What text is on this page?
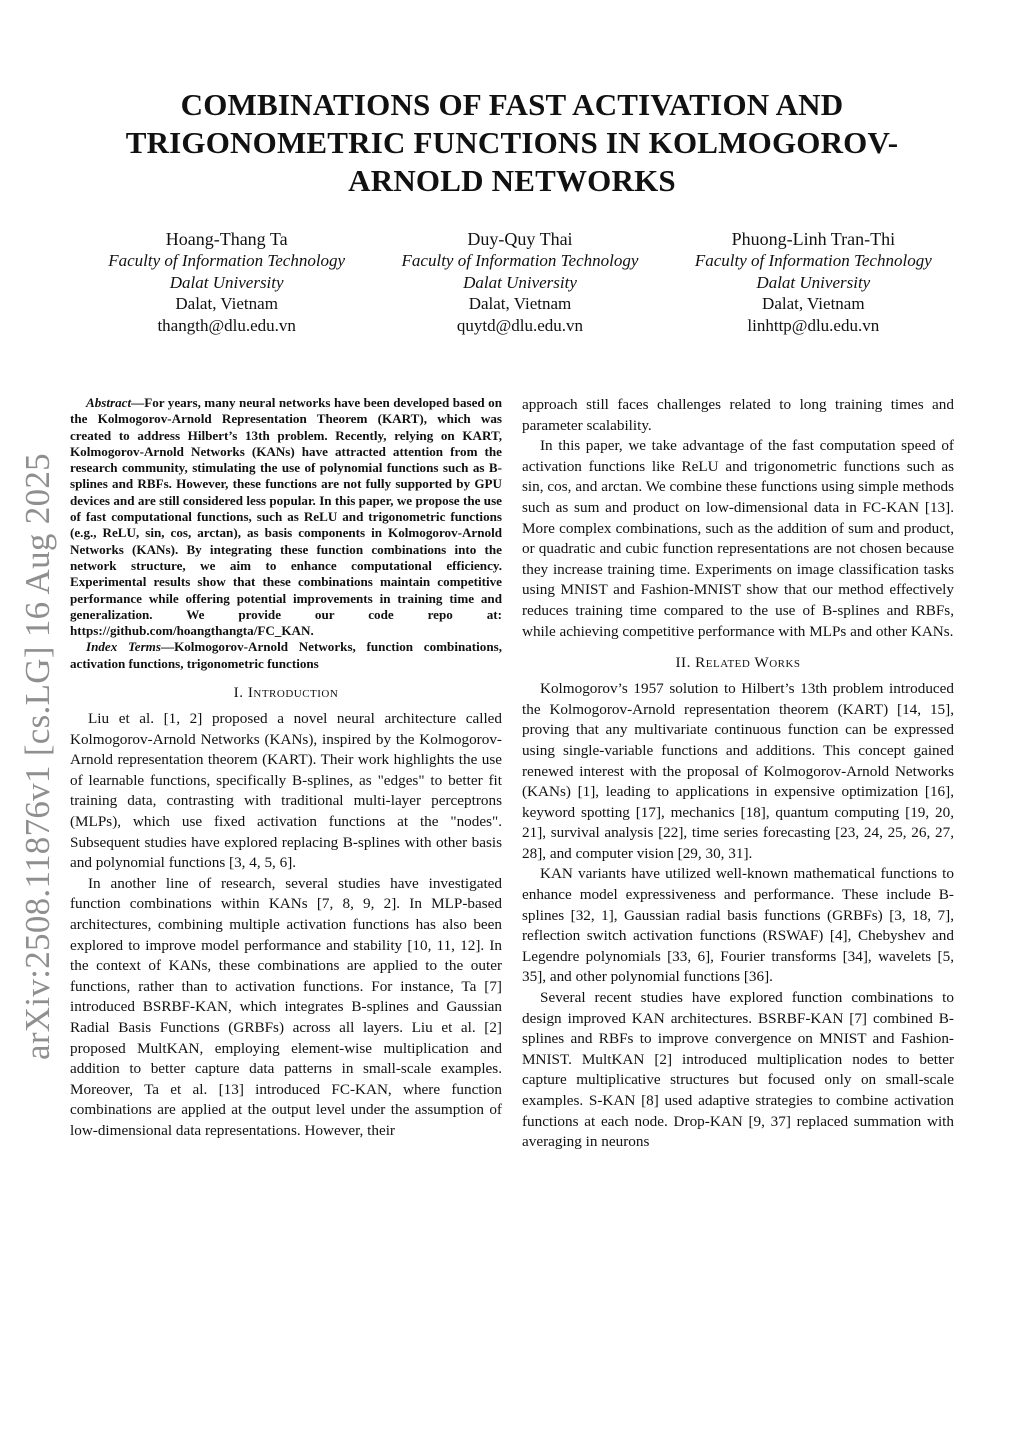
arXiv:2508.11876v1 [cs.LG] 16 Aug 2025
COMBINATIONS OF FAST ACTIVATION AND TRIGONOMETRIC FUNCTIONS IN KOLMOGOROV-ARNOLD NETWORKS
Hoang-Thang Ta
Faculty of Information Technology
Dalat University
Dalat, Vietnam
thangth@dlu.edu.vn
Duy-Quy Thai
Faculty of Information Technology
Dalat University
Dalat, Vietnam
quytd@dlu.edu.vn
Phuong-Linh Tran-Thi
Faculty of Information Technology
Dalat University
Dalat, Vietnam
linhttp@dlu.edu.vn

Abstract—For years, many neural networks have been developed based on the Kolmogorov-Arnold Representation Theorem (KART), which was created to address Hilbert’s 13th problem. Recently, relying on KART, Kolmogorov-Arnold Networks (KANs) have attracted attention from the research community, stimulating the use of polynomial functions such as B-splines and RBFs. However, these functions are not fully supported by GPU devices and are still considered less popular. In this paper, we propose the use of fast computational functions, such as ReLU and trigonometric functions (e.g., ReLU, sin, cos, arctan), as basis components in Kolmogorov-Arnold Networks (KANs). By integrating these function combinations into the network structure, we aim to enhance computational efficiency. Experimental results show that these combinations maintain competitive performance while offering potential improvements in training time and generalization. We provide our code repo at: https://github.com/hoangthangta/FC_KAN.

Index Terms—Kolmogorov-Arnold Networks, function combinations, activation functions, trigonometric functions

I. Introduction

Liu et al. [1, 2] proposed a novel neural architecture called Kolmogorov-Arnold Networks (KANs), inspired by the Kolmogorov-Arnold representation theorem (KART). Their work highlights the use of learnable functions, specifically B-splines, as "edges" to better fit training data, contrasting with traditional multi-layer perceptrons (MLPs), which use fixed activation functions at the "nodes". Subsequent studies have explored replacing B-splines with other basis and polynomial functions [3, 4, 5, 6].

In another line of research, several studies have investigated function combinations within KANs [7, 8, 9, 2]. In MLP-based architectures, combining multiple activation functions has also been explored to improve model performance and stability [10, 11, 12]. In the context of KANs, these combinations are applied to the outer functions, rather than to activation functions. For instance, Ta [7] introduced BSRBF-KAN, which integrates B-splines and Gaussian Radial Basis Functions (GRBFs) across all layers. Liu et al. [2] proposed MultKAN, employing element-wise multiplication and addition to better capture data patterns in small-scale examples. Moreover, Ta et al. [13] introduced FC-KAN, where function combinations are applied at the output level under the assumption of low-dimensional data representations. However, their

approach still faces challenges related to long training times and parameter scalability.

In this paper, we take advantage of the fast computation speed of activation functions like ReLU and trigonometric functions such as sin, cos, and arctan. We combine these functions using simple methods such as sum and product on low-dimensional data in FC-KAN [13]. More complex combinations, such as the addition of sum and product, or quadratic and cubic function representations are not chosen because they increase training time. Experiments on image classification tasks using MNIST and Fashion-MNIST show that our method effectively reduces training time compared to the use of B-splines and RBFs, while achieving competitive performance with MLPs and other KANs.

II. Related Works

Kolmogorov’s 1957 solution to Hilbert’s 13th problem introduced the Kolmogorov-Arnold representation theorem (KART) [14, 15], proving that any multivariate continuous function can be expressed using single-variable functions and additions. This concept gained renewed interest with the proposal of Kolmogorov-Arnold Networks (KANs) [1], leading to applications in expensive optimization [16], keyword spotting [17], mechanics [18], quantum computing [19, 20, 21], survival analysis [22], time series forecasting [23, 24, 25, 26, 27, 28], and computer vision [29, 30, 31].

KAN variants have utilized well-known mathematical functions to enhance model expressiveness and performance. These include B-splines [32, 1], Gaussian radial basis functions (GRBFs) [3, 18, 7], reflection switch activation functions (RSWAF) [4], Chebyshev and Legendre polynomials [33, 6], Fourier transforms [34], wavelets [5, 35], and other polynomial functions [36].

Several recent studies have explored function combinations to design improved KAN architectures. BSRBF-KAN [7] combined B-splines and RBFs to improve convergence on MNIST and Fashion-MNIST. MultKAN [2] introduced multiplication nodes to better capture multiplicative structures but focused only on small-scale examples. S-KAN [8] used adaptive strategies to combine activation functions at each node. Drop-KAN [9, 37] replaced summation with averaging in neurons
